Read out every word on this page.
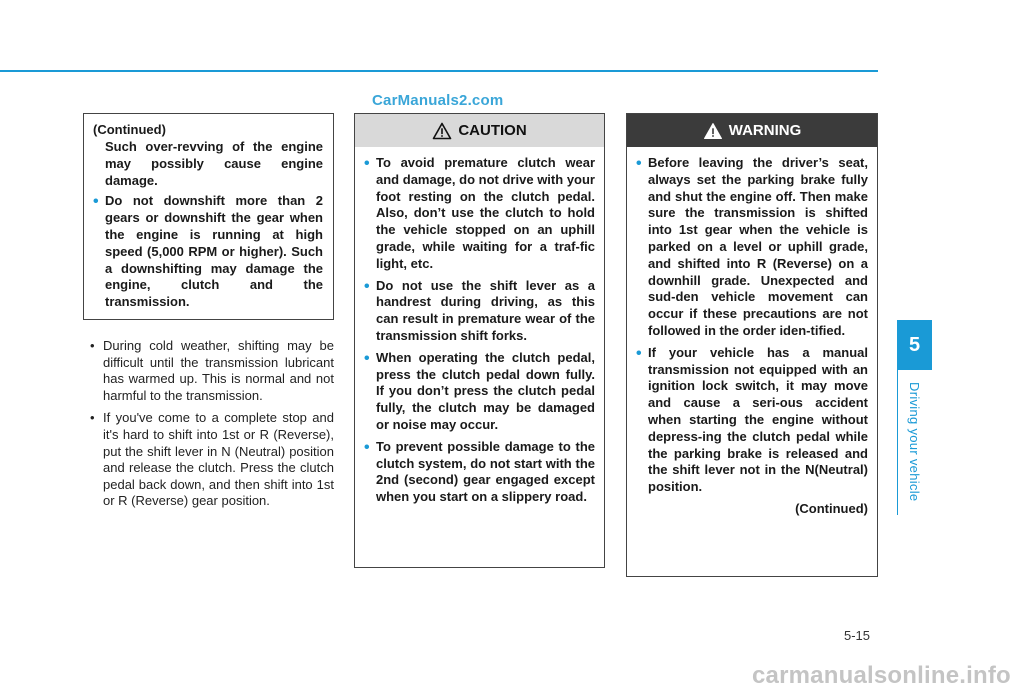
CarManuals2.com
5
Driving your vehicle

(Continued)

Such over-revving of the engine may possibly cause engine damage.

• Do not downshift more than 2 gears or downshift the gear when the engine is running at high speed (5,000 RPM or higher). Such a downshifting may damage the engine, clutch and the transmission.

• During cold weather, shifting may be difficult until the transmission lubricant has warmed up. This is normal and not harmful to the transmission.
• If you've come to a complete stop and it's hard to shift into 1st or R (Reverse), put the shift lever in N (Neutral) position and release the clutch. Press the clutch pedal back down, and then shift into 1st or R (Reverse) gear position.
CAUTION
• To avoid premature clutch wear and damage, do not drive with your foot resting on the clutch pedal. Also, don’t use the clutch to hold the vehicle stopped on an uphill grade, while waiting for a traf-fic light, etc.

• Do not use the shift lever as a handrest during driving, as this can result in premature wear of the transmission shift forks.

• When operating the clutch pedal, press the clutch pedal down fully. If you don’t press the clutch pedal fully, the clutch may be damaged or noise may occur.

• To prevent possible damage to the clutch system, do not start with the 2nd (second) gear engaged except when you start on a slippery road.

WARNING
• Before leaving the driver’s seat, always set the parking brake fully and shut the engine off. Then make sure the transmission is shifted into 1st gear when the vehicle is parked on a level or uphill grade, and shifted into R (Reverse) on a downhill grade. Unexpected and sud-den vehicle movement can occur if these precautions are not followed in the order iden-tified.

• If your vehicle has a manual transmission not equipped with an ignition lock switch, it may move and cause a seri-ous accident when starting the engine without depress-ing the clutch pedal while the parking brake is released and the shift lever not in the N(Neutral) position.

(Continued)

5-15
carmanualsonline.info
